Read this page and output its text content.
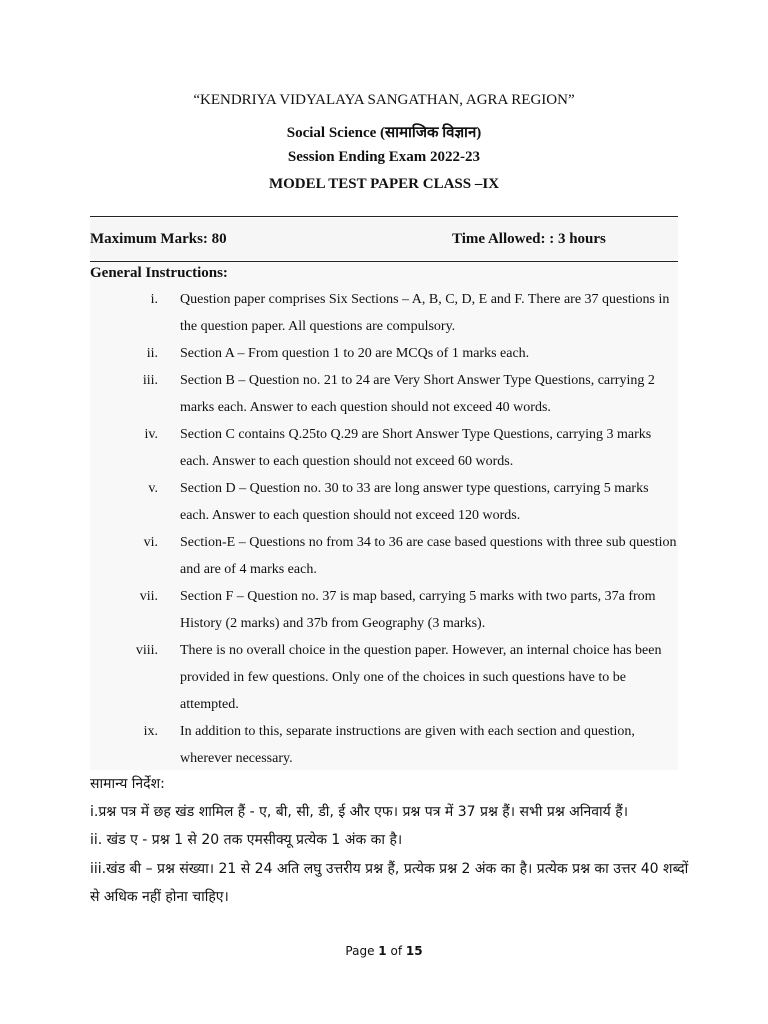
“KENDRIYA VIDYALAYA SANGATHAN, AGRA REGION”
Social Science (सामाजिक विज्ञान)
Session Ending Exam 2022-23
MODEL TEST PAPER CLASS –IX
Maximum Marks: 80	Time Allowed: : 3 hours
General Instructions:
i. Question paper comprises Six Sections – A, B, C, D, E and F. There are 37 questions in the question paper. All questions are compulsory.
ii. Section A – From question 1 to 20 are MCQs of 1 marks each.
iii. Section B – Question no. 21 to 24 are Very Short Answer Type Questions, carrying 2 marks each. Answer to each question should not exceed 40 words.
iv. Section C contains Q.25to Q.29 are Short Answer Type Questions, carrying 3 marks each. Answer to each question should not exceed 60 words.
v. Section D – Question no. 30 to 33 are long answer type questions, carrying 5 marks each. Answer to each question should not exceed 120 words.
vi. Section-E – Questions no from 34 to 36 are case based questions with three sub question and are of 4 marks each.
vii. Section F – Question no. 37 is map based, carrying 5 marks with two parts, 37a from History (2 marks) and 37b from Geography (3 marks).
viii. There is no overall choice in the question paper. However, an internal choice has been provided in few questions. Only one of the choices in such questions have to be attempted.
ix. In addition to this, separate instructions are given with each section and question, wherever necessary.
सामान्य निर्देश:
i.प्रश्न पत्र में छह खंड शामिल हैं - ए, बी, सी, डी, ई और एफ। प्रश्न पत्र में 37 प्रश्न हैं। सभी प्रश्न अनिवार्य हैं।
ii. खंड ए - प्रश्न 1 से 20 तक एमसीक्यू प्रत्येक 1 अंक का है।
iii.खंड बी – प्रश्न संख्या। 21 से 24 अति लघु उत्तरीय प्रश्न हैं, प्रत्येक प्रश्न 2 अंक का है। प्रत्येक प्रश्न का उत्तर 40 शब्दों
से अधिक नहीं होना चाहिए।
Page 1 of 15
